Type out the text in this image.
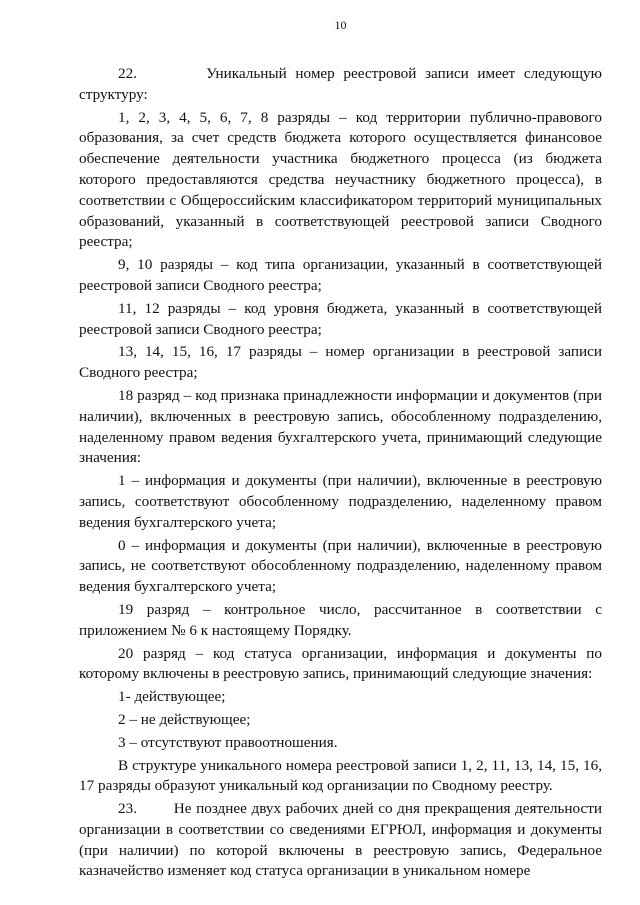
10

22.        Уникальный номер реестровой записи имеет следующую структуру:

1, 2, 3, 4, 5, 6, 7, 8 разряды – код территории публично-правового образования, за счет средств бюджета которого осуществляется финансовое обеспечение деятельности участника бюджетного процесса (из бюджета которого предоставляются средства неучастнику бюджетного процесса), в соответствии с Общероссийским классификатором территорий муниципальных образований, указанный в соответствующей реестровой записи Сводного реестра;

9, 10 разряды – код типа организации, указанный в соответствующей реестровой записи Сводного реестра;

11, 12 разряды – код уровня бюджета, указанный в соответствующей реестровой записи Сводного реестра;

13, 14, 15, 16, 17 разряды – номер организации в реестровой записи Сводного реестра;

18 разряд – код признака принадлежности информации и документов (при наличии), включенных в реестровую запись, обособленному подразделению, наделенному правом ведения бухгалтерского учета, принимающий следующие значения:

1 – информация и документы (при наличии), включенные в реестровую запись, соответствуют обособленному подразделению, наделенному правом ведения бухгалтерского учета;

0 – информация и документы (при наличии), включенные в реестровую запись, не соответствуют обособленному подразделению, наделенному правом ведения бухгалтерского учета;

19 разряд – контрольное число, рассчитанное в соответствии с приложением № 6 к настоящему Порядку.

20 разряд – код статуса организации, информация и документы по которому включены в реестровую запись, принимающий следующие значения:

1- действующее;

2 – не действующее;

3 – отсутствуют правоотношения.

В структуре уникального номера реестровой записи 1, 2, 11, 13, 14, 15, 16, 17 разряды образуют уникальный код организации по Сводному реестру.

23.        Не позднее двух рабочих дней со дня прекращения деятельности организации в соответствии со сведениями ЕГРЮЛ, информация и документы (при наличии) по которой включены в реестровую запись, Федеральное казначейство изменяет код статуса организации в уникальном номере
